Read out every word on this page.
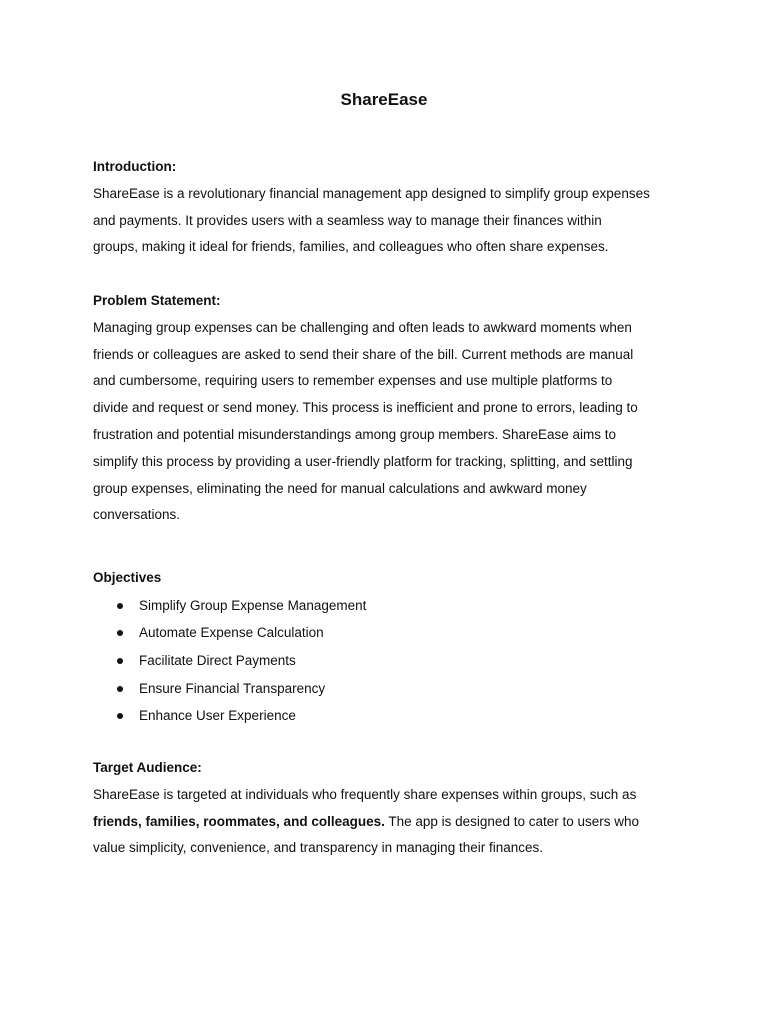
ShareEase

Introduction:

ShareEase is a revolutionary financial management app designed to simplify group expenses
and payments. It provides users with a seamless way to manage their finances within
groups, making it ideal for friends, families, and colleagues who often share expenses.

Problem Statement:

Managing group expenses can be challenging and often leads to awkward moments when
friends or colleagues are asked to send their share of the bill. Current methods are manual
and cumbersome, requiring users to remember expenses and use multiple platforms to
divide and request or send money. This process is inefficient and prone to errors, leading to
frustration and potential misunderstandings among group members. ShareEase aims to
simplify this process by providing a user-friendly platform for tracking, splitting, and settling
group expenses, eliminating the need for manual calculations and awkward money
conversations.

Objectives

Simplify Group Expense Management
Automate Expense Calculation
Facilitate Direct Payments
Ensure Financial Transparency
Enhance User Experience

Target Audience:

ShareEase is targeted at individuals who frequently share expenses within groups, such as
friends, families, roommates, and colleagues. The app is designed to cater to users who
value simplicity, convenience, and transparency in managing their finances.
